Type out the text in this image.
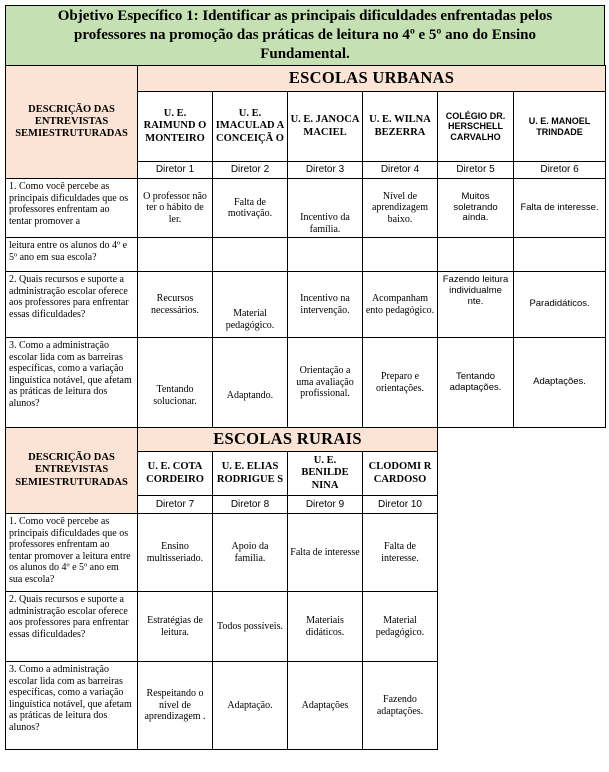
Objetivo Específico 1: Identificar as principais dificuldades enfrentadas pelos
professores na promoção das práticas de leitura no 4º e 5º ano do Ensino
Fundamental.
DESCRIÇÃO DAS ENTREVISTAS SEMIESTRUTURADAS	ESCOLAS URBANAS					
	U. E. RAIMUND O MONTEIRO	U. E. IMACULAD A CONCEIÇÃ O	U. E. JANOCA MACIEL	U. E. WILNA BEZERRA	COLÉGIO DR. HERSCHELL CARVALHO	U. E. MANOEL TRINDADE
	Diretor 1	Diretor 2	Diretor 3	Diretor 4	Diretor 5	Diretor 6
1. Como você percebe as principais dificuldades que os professores enfrentam ao tentar promover a	O professor não ter o hábito de ler.	Falta de motivação.	Incentivo da família.	Nível de aprendizagem baixo.	Muitos soletrando ainda.	Falta de interesse.
leitura entre os alunos do 4º e 5º ano em sua escola?						
2. Quais recursos e suporte a administração escolar oferece aos professores para enfrentar essas dificuldades?	Recursos necessários.	Material pedagógico.	Incentivo na intervenção.	Acompanham ento pedagógico.	Fazendo leitura individualme nte.	Paradidáticos.
3. Como a administração escolar lida com as barreiras específicas, como a variação linguística notável, que afetam as práticas de leitura dos alunos?	Tentando solucionar.	Adaptando.	Orientação a uma avaliação profissional.	Preparo e orientações.	Tentando adaptações.	Adaptações.
DESCRIÇÃO DAS ENTREVISTAS SEMIESTRUTURADAS	ESCOLAS RURAIS			
	U. E. COTA CORDEIRO	U. E. ELIAS RODRIGUE S	U. E. BENILDE NINA	CLODOMI R CARDOSO
	Diretor 7	Diretor 8	Diretor 9	Diretor 10
1. Como você percebe as principais dificuldades que os professores enfrentam ao tentar promover a leitura entre os alunos do 4º e 5º ano em sua escola?	Ensino multisseriado.	Apoio da família.	Falta de interesse	Falta de interesse.
2. Quais recursos e suporte a administração escolar oferece aos professores para enfrentar essas dificuldades?	Estratégias de leitura.	Todos possíveis.	Materiais didáticos.	Material pedagógico.
3. Como a administração escolar lida com as barreiras específicas, como a variação linguística notável, que afetam as práticas de leitura dos alunos?	Respeitando o nível de aprendizagem .	Adaptação.	Adaptações	Fazendo adaptações.
